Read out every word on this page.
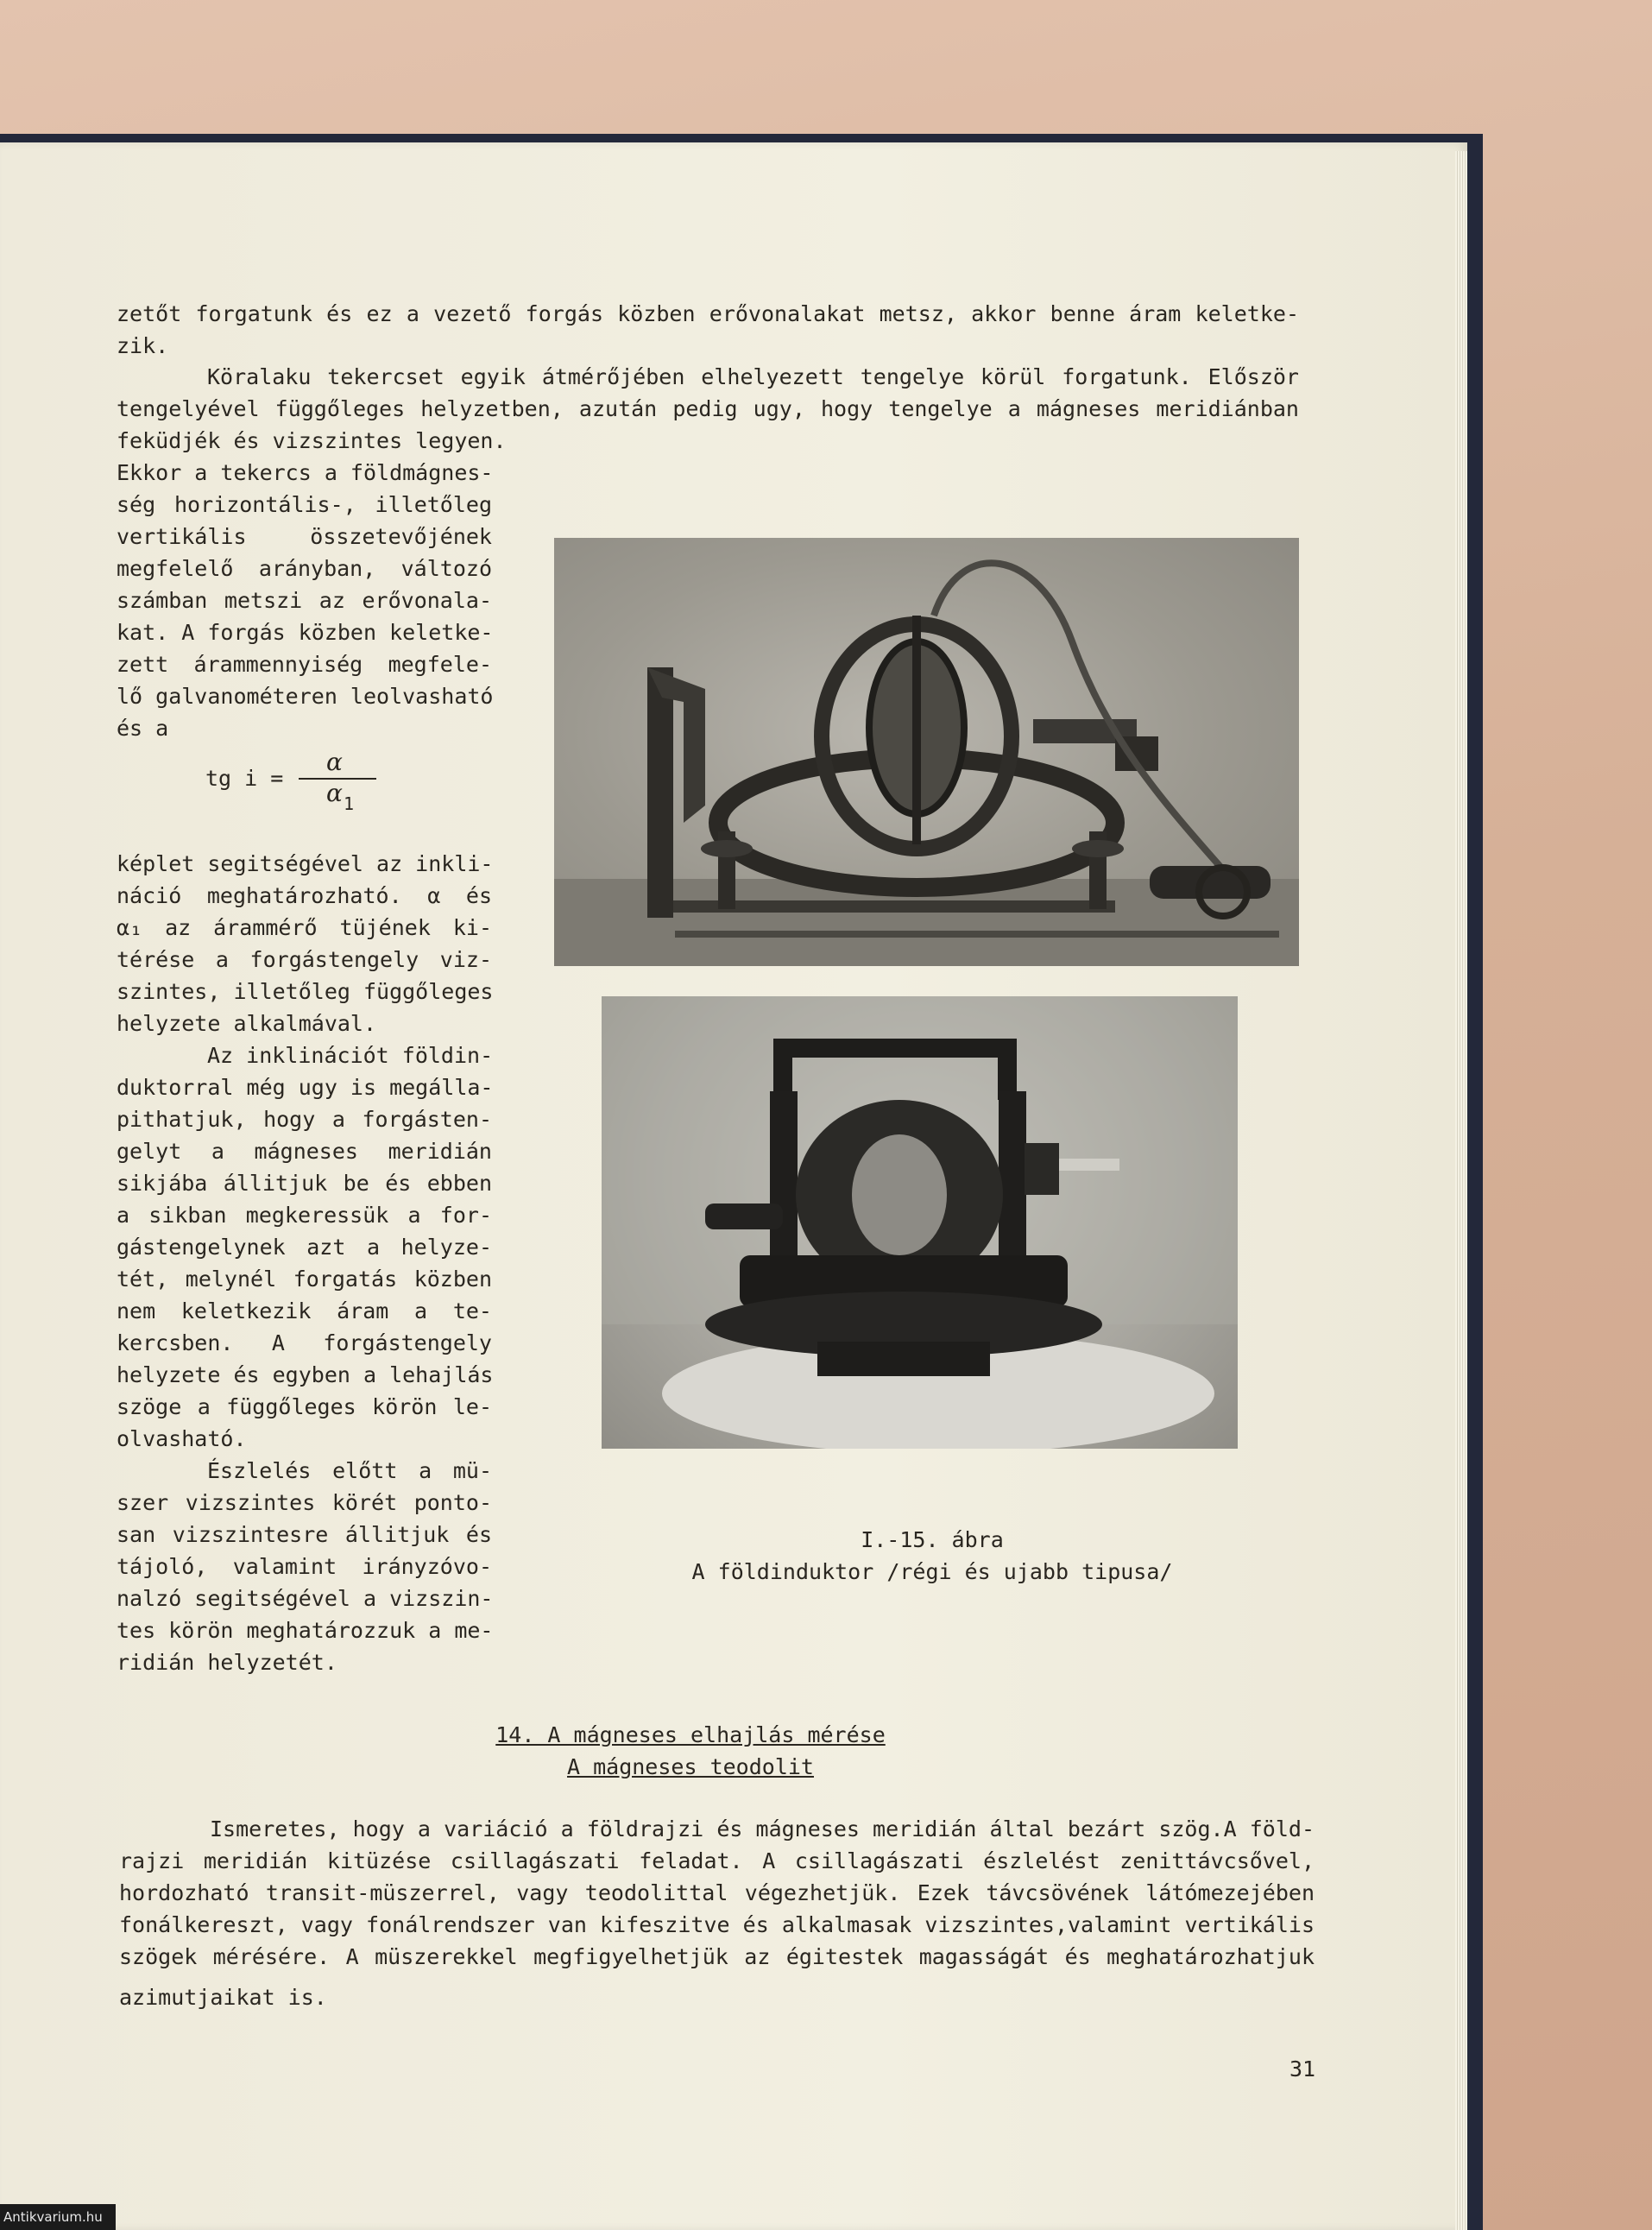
zetőt forgatunk és ez a vezető forgás közben erővonalakat metsz, akkor benne áram keletke-
zik.
Köralaku tekercset egyik átmérőjében elhelyezett tengelye körül forgatunk. Először
tengelyével függőleges helyzetben, azután pedig ugy, hogy tengelye a mágneses meridiánban
feküdjék és vizszintes legyen.
Ekkor a tekercs a földmágnes-
ség horizontális-, illetőleg
vertikális összetevőjének
megfelelő arányban, változó
számban metszi az erővonala-
kat. A forgás közben keletke-
zett árammennyiség megfele-
lő galvanométeren leolvasható
és a
tg i =
α
α 1
képlet segitségével az inkli-
náció meghatározható. α és
α₁ az árammérő tüjének ki-
térése a forgástengely viz-
szintes, illetőleg függőleges
helyzete alkalmával.
Az inklinációt földin-
duktorral még ugy is megálla-
pithatjuk, hogy a forgásten-
gelyt a mágneses meridián
sikjába állitjuk be és ebben
a sikban megkeressük a for-
gástengelynek azt a helyze-
tét, melynél forgatás közben
nem keletkezik áram a te-
kercsben. A forgástengely
helyzete és egyben a lehajlás
szöge a függőleges körön le-
olvasható.
Észlelés előtt a mü-
szer vizszintes körét ponto-
san vizszintesre állitjuk és
tájoló, valamint irányzóvo-
nalzó segitségével a vizszin-
tes körön meghatározzuk a me-
ridián helyzetét.
I.-15. ábra
A földinduktor /régi és ujabb tipusa/
14. A mágneses elhajlás mérése
A mágneses teodolit
Ismeretes, hogy a variáció a földrajzi és mágneses meridián által bezárt szög.A föld-
rajzi meridián kitüzése csillagászati feladat. A csillagászati észlelést zenittávcsővel,
hordozható transit-müszerrel, vagy teodolittal végezhetjük. Ezek távcsövének látómezejében
fonálkereszt, vagy fonálrendszer van kifeszitve és alkalmasak vizszintes,valamint vertikális
szögek mérésére. A müszerekkel megfigyelhetjük az égitestek magasságát és meghatározhatjuk
azimutjaikat is.
31
Antikvarium.hu
